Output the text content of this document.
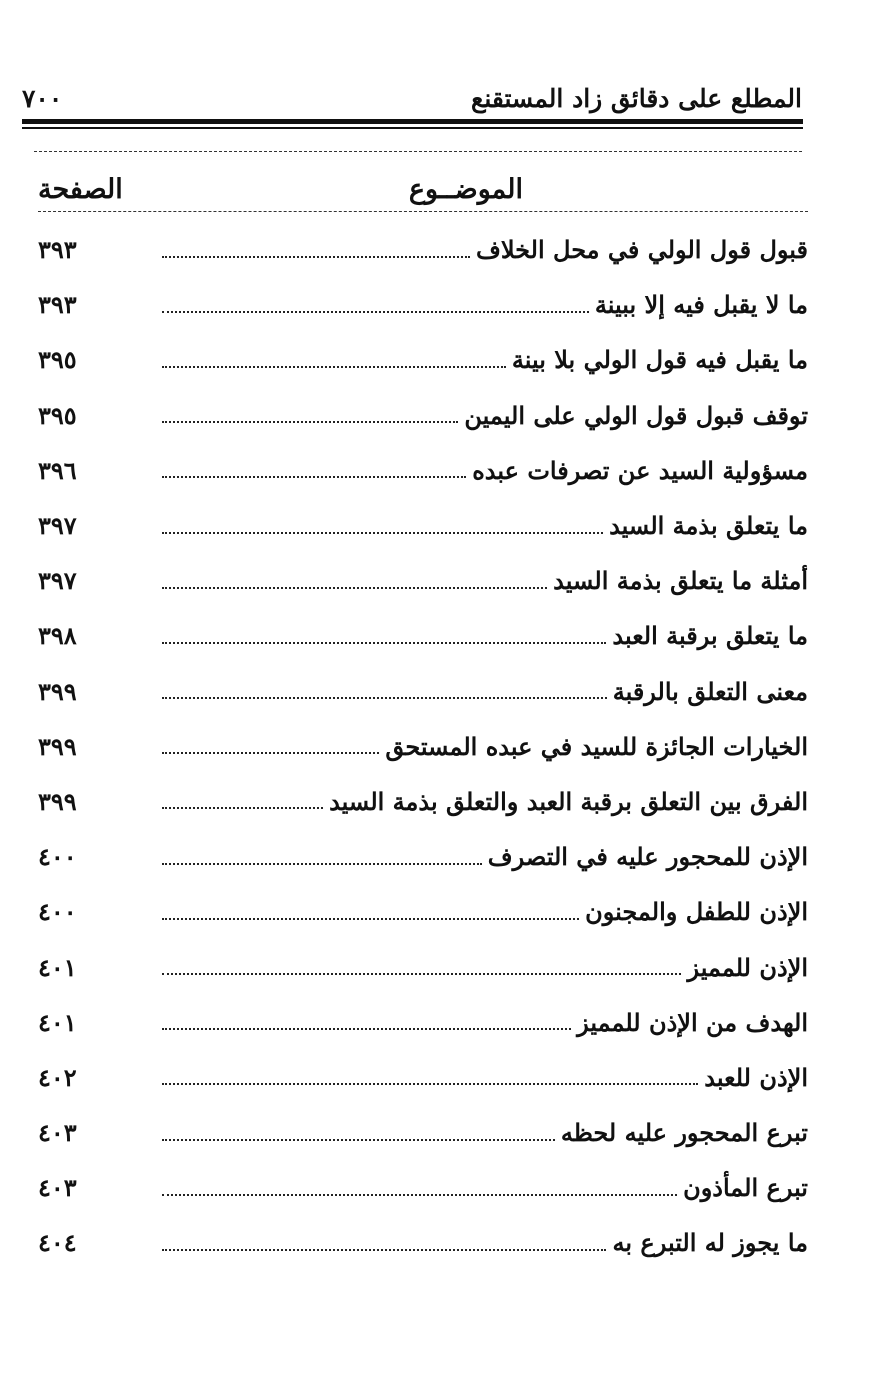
المطلع على دقائق زاد المستقنع
٧٠٠
الموضــوع
الصفحة
قبول قول الولي في محل الخلاف
٣٩٣
ما لا يقبل فيه إلا ببينة
٣٩٣
ما يقبل فيه قول الولي بلا بينة
٣٩٥
توقف قبول قول الولي على اليمين
٣٩٥
مسؤولية السيد عن تصرفات عبده
٣٩٦
ما يتعلق بذمة السيد
٣٩٧
أمثلة ما يتعلق بذمة السيد
٣٩٧
ما يتعلق برقبة العبد
٣٩٨
معنى التعلق بالرقبة
٣٩٩
الخيارات الجائزة للسيد في عبده المستحق
٣٩٩
الفرق بين التعلق برقبة العبد والتعلق بذمة السيد
٣٩٩
الإذن للمحجور عليه في التصرف
٤٠٠
الإذن للطفل والمجنون
٤٠٠
الإذن للمميز
٤٠١
الهدف من الإذن للمميز
٤٠١
الإذن للعبد
٤٠٢
تبرع المحجور عليه لحظه
٤٠٣
تبرع المأذون
٤٠٣
ما يجوز له التبرع به
٤٠٤
